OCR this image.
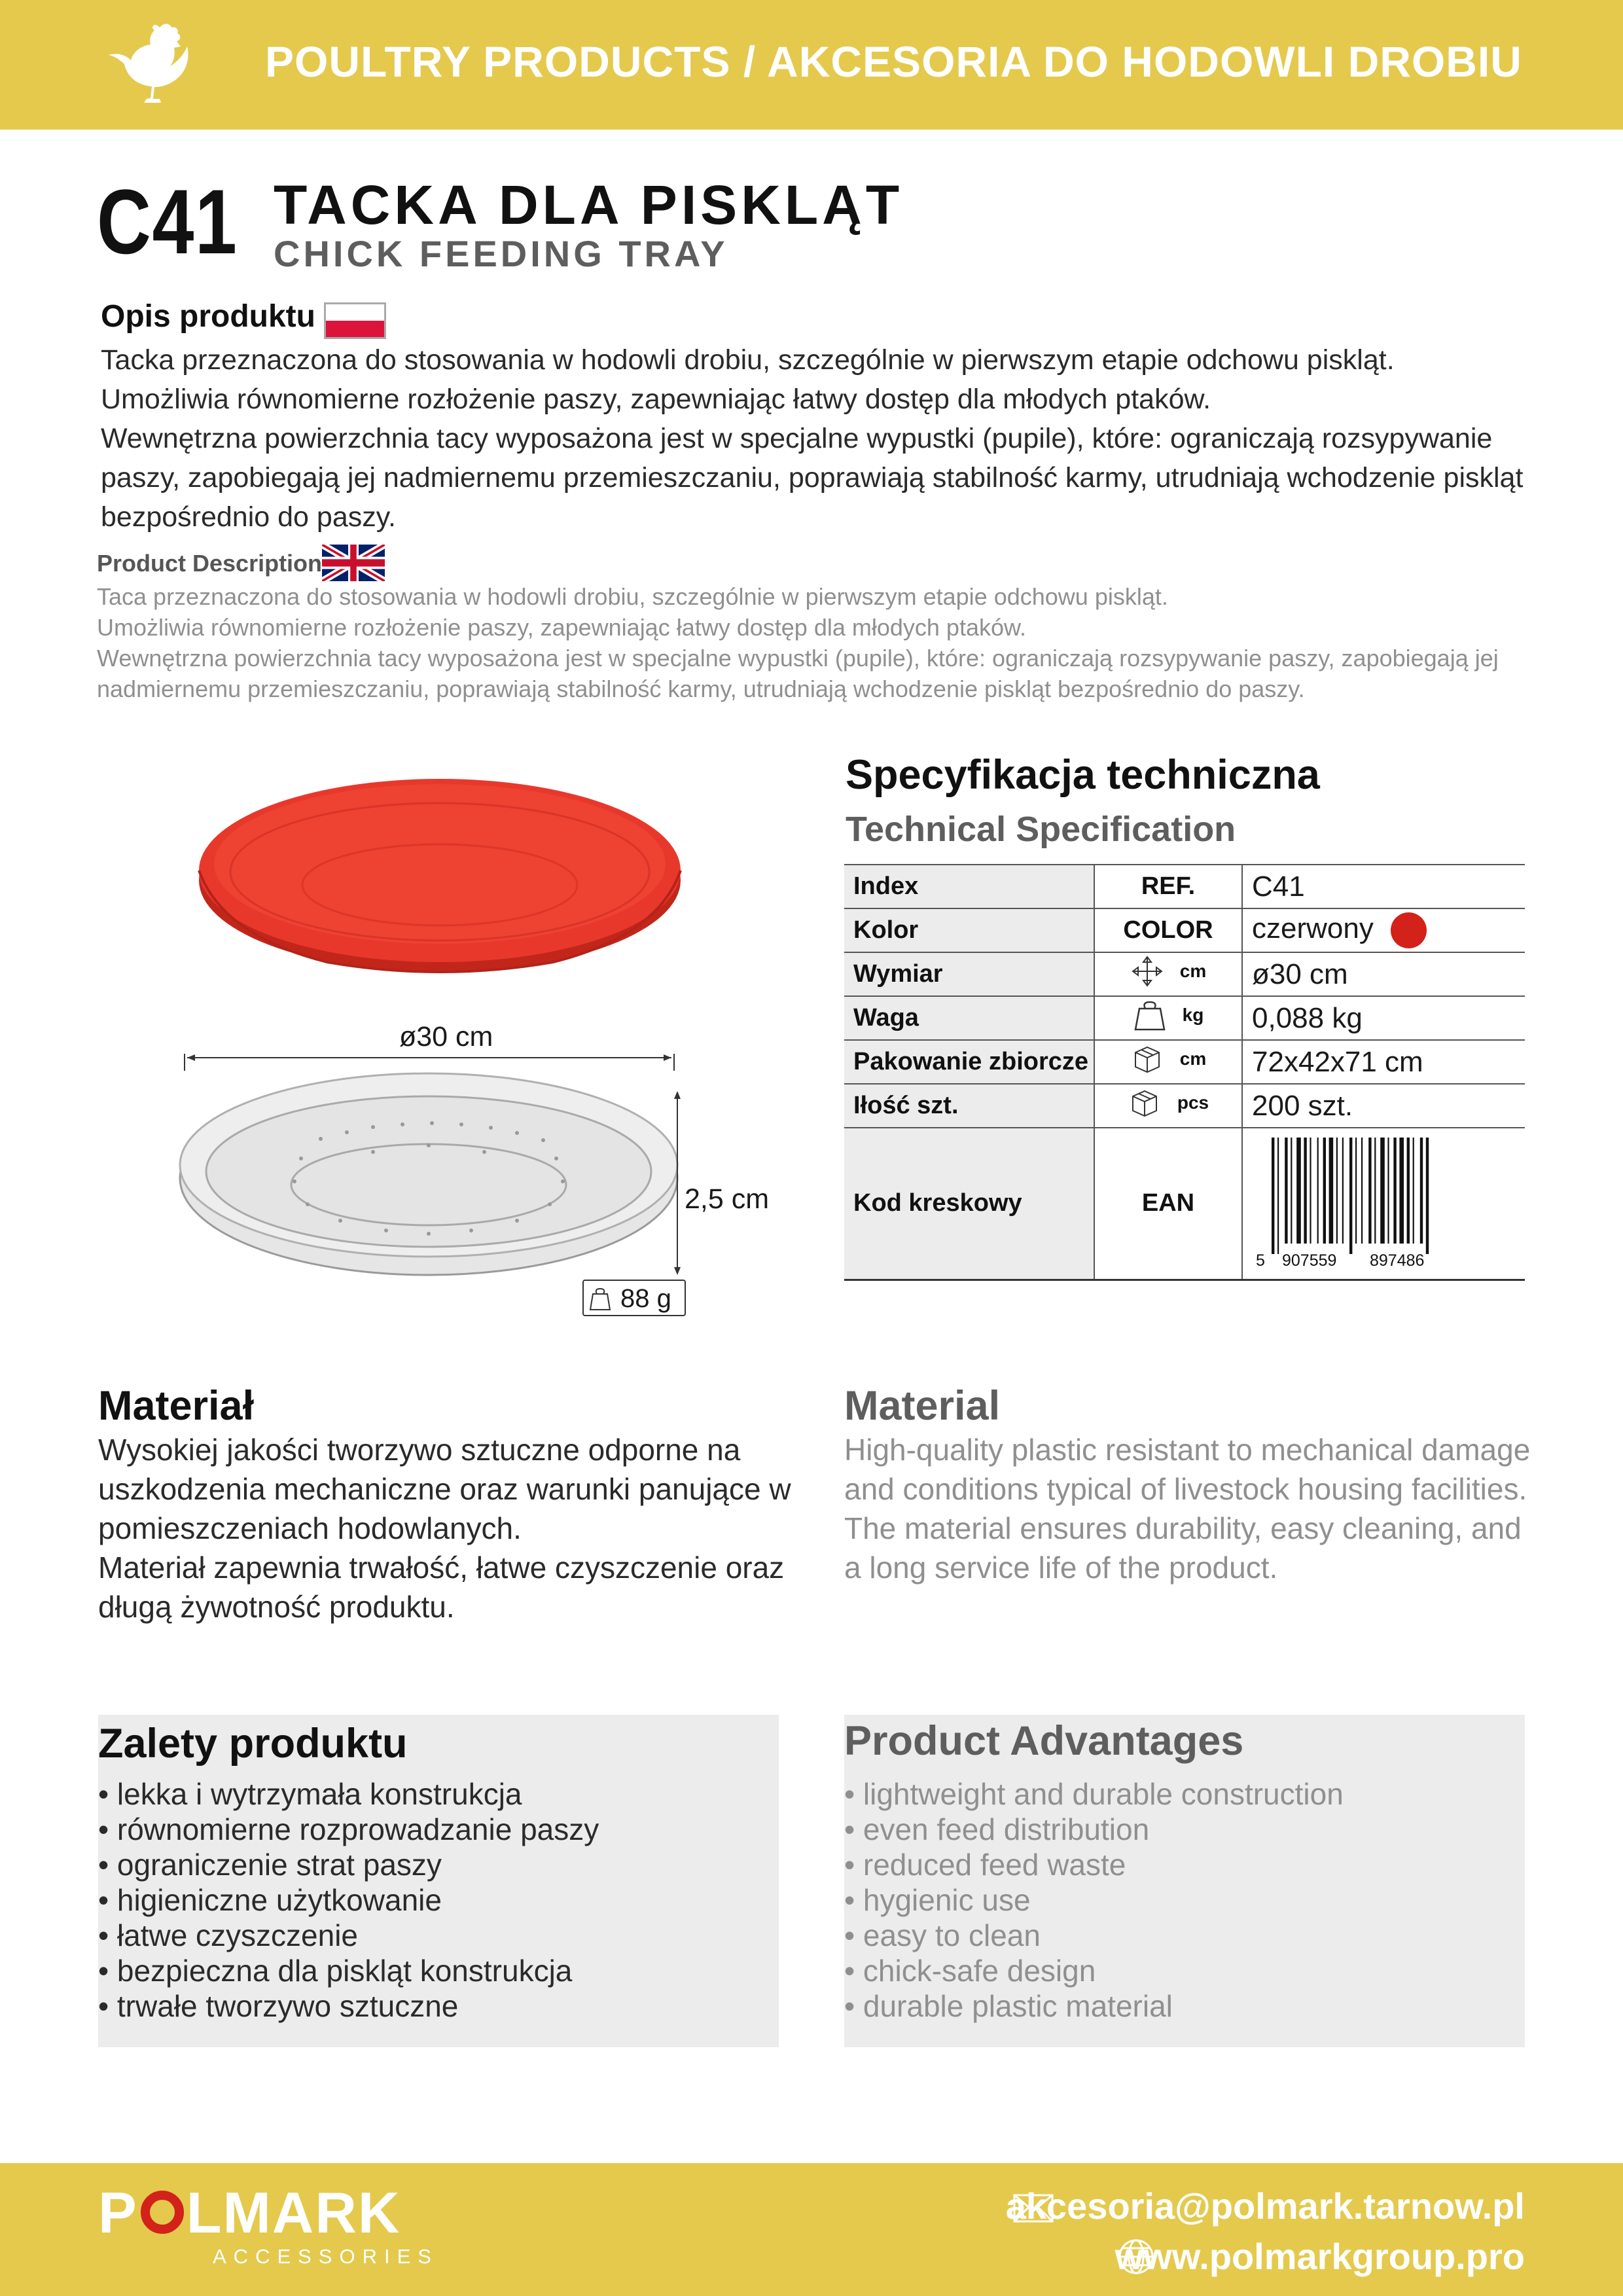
POULTRY PRODUCTS / AKCESORIA DO HODOWLI DROBIU
C41 TACKA DLA PISKLĄT
CHICK FEEDING TRAY
Opis produktu
Tacka przeznaczona do stosowania w hodowli drobiu, szczególnie w pierwszym etapie odchowu piskląt.
Umożliwia równomierne rozłożenie paszy, zapewniając łatwy dostęp dla młodych ptaków.
Wewnętrzna powierzchnia tacy wyposażona jest w specjalne wypustki (pupile), które: ograniczają rozsypywanie paszy, zapobiegają jej nadmiernemu przemieszczaniu, poprawiają stabilność karmy, utrudniają wchodzenie piskląt bezpośrednio do paszy.
Product Description
Taca przeznaczona do stosowania w hodowli drobiu, szczególnie w pierwszym etapie odchowu piskląt.
Umożliwia równomierne rozłożenie paszy, zapewniając łatwy dostęp dla młodych ptaków.
Wewnętrzna powierzchnia tacy wyposażona jest w specjalne wypustki (pupile), które: ograniczają rozsypywanie paszy, zapobiegają jej nadmiernemu przemieszczaniu, poprawiają stabilność karmy, utrudniają wchodzenie piskląt bezpośrednio do paszy.
ø30 cm
2,5 cm
88 g
Specyfikacja techniczna
Technical Specification
Index	REF.	C41
Kolor	COLOR	czerwony
Wymiar	cm	ø30 cm
Waga	kg	0,088 kg
Pakowanie zbiorcze	cm	72x42x71 cm
Iłość szt.	pcs	200 szt.
Kod kreskowy	EAN	5 907559 897486
Materiał
Wysokiej jakości tworzywo sztuczne odporne na uszkodzenia mechaniczne oraz warunki panujące w pomieszczeniach hodowlanych.
Materiał zapewnia trwałość, łatwe czyszczenie oraz długą żywotność produktu.
Material
High-quality plastic resistant to mechanical damage and conditions typical of livestock housing facilities. The material ensures durability, easy cleaning, and a long service life of the product.
Zalety produktu
• lekka i wytrzymała konstrukcja
• równomierne rozprowadzanie paszy
• ograniczenie strat paszy
• higieniczne użytkowanie
• łatwe czyszczenie
• bezpieczna dla piskląt konstrukcja
• trwałe tworzywo sztuczne
Product Advantages
• lightweight and durable construction
• even feed distribution
• reduced feed waste
• hygienic use
• easy to clean
• chick-safe design
• durable plastic material
P LMARK
ACCESSORIES
akcesoria@polmark.tarnow.pl
www.polmarkgroup.pro
